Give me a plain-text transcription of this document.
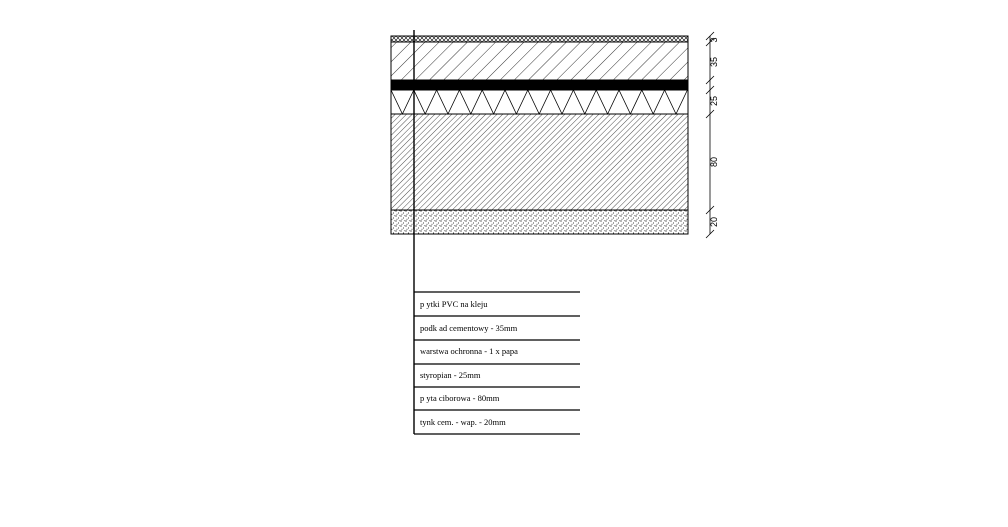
3
35
25
80
20
p ytki PVC na kleju
podk ad cementowy - 35mm
warstwa ochronna - 1 x papa
styropian - 25mm
p yta ciborowa - 80mm
tynk cem. - wap. - 20mm
